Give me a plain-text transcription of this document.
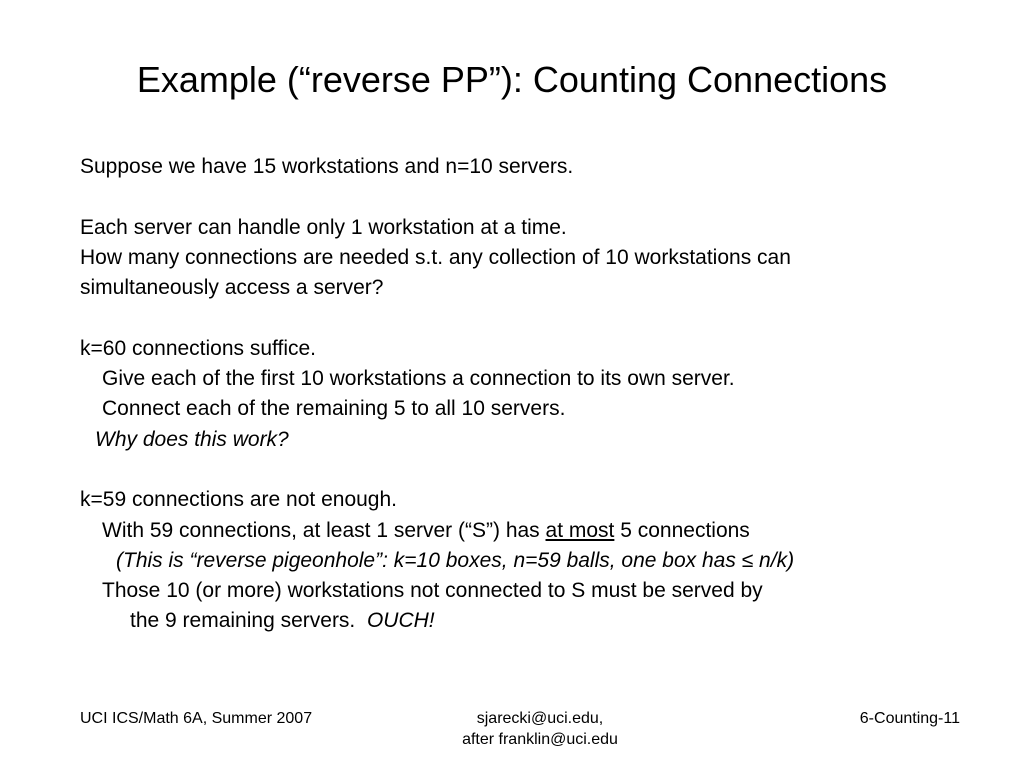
Example (“reverse PP”): Counting Connections
Suppose we have 15 workstations and n=10 servers.
Each server can handle only 1 workstation at a time.
How many connections are needed s.t. any collection of 10 workstations can
simultaneously access a server?
k=60 connections suffice.
Give each of the first 10 workstations a connection to its own server.
Connect each of the remaining 5 to all 10 servers.
Why does this work?
k=59 connections are not enough.
With 59 connections, at least 1 server (“S”) has at most 5 connections
(This is “reverse pigeonhole”: k=10 boxes, n=59 balls, one box has ≤ n/k)
Those 10 (or more) workstations not connected to S must be served by
the 9 remaining servers.  OUCH!
UCI ICS/Math 6A, Summer 2007	sjarecki@uci.edu,
after franklin@uci.edu
6-Counting-11
